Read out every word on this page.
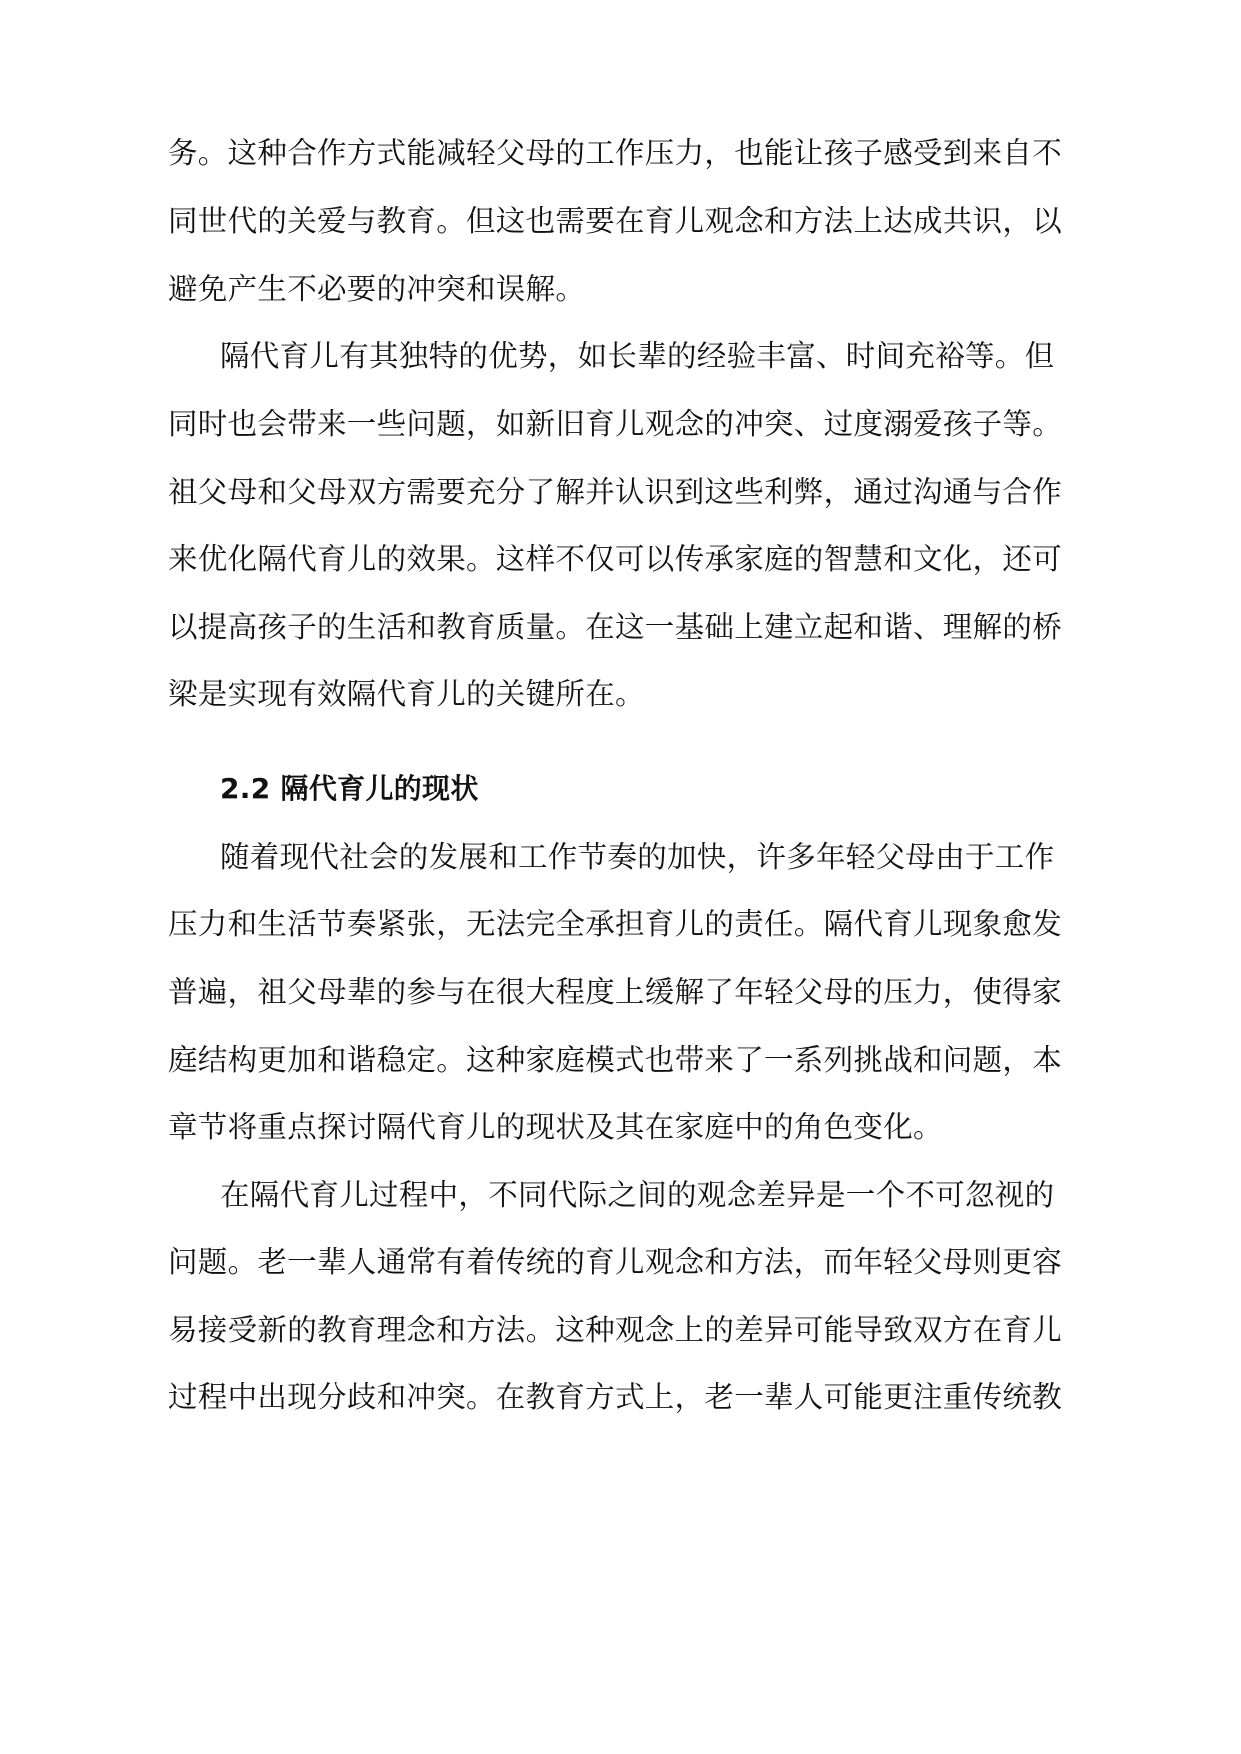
务。这种合作方式能减轻父母的工作压力，也能让孩子感受到来自不
同世代的关爱与教育。但这也需要在育儿观念和方法上达成共识，以
避免产生不必要的冲突和误解。
隔代育儿有其独特的优势，如长辈的经验丰富、时间充裕等。但
同时也会带来一些问题，如新旧育儿观念的冲突、过度溺爱孩子等。
祖父母和父母双方需要充分了解并认识到这些利弊，通过沟通与合作
来优化隔代育儿的效果。这样不仅可以传承家庭的智慧和文化，还可
以提高孩子的生活和教育质量。在这一基础上建立起和谐、理解的桥
梁是实现有效隔代育儿的关键所在。
2.2 隔代育儿的现状
随着现代社会的发展和工作节奏的加快，许多年轻父母由于工作
压力和生活节奏紧张，无法完全承担育儿的责任。隔代育儿现象愈发
普遍，祖父母辈的参与在很大程度上缓解了年轻父母的压力，使得家
庭结构更加和谐稳定。这种家庭模式也带来了一系列挑战和问题，本
章节将重点探讨隔代育儿的现状及其在家庭中的角色变化。
在隔代育儿过程中，不同代际之间的观念差异是一个不可忽视的
问题。老一辈人通常有着传统的育儿观念和方法，而年轻父母则更容
易接受新的教育理念和方法。这种观念上的差异可能导致双方在育儿
过程中出现分歧和冲突。在教育方式上，老一辈人可能更注重传统教
